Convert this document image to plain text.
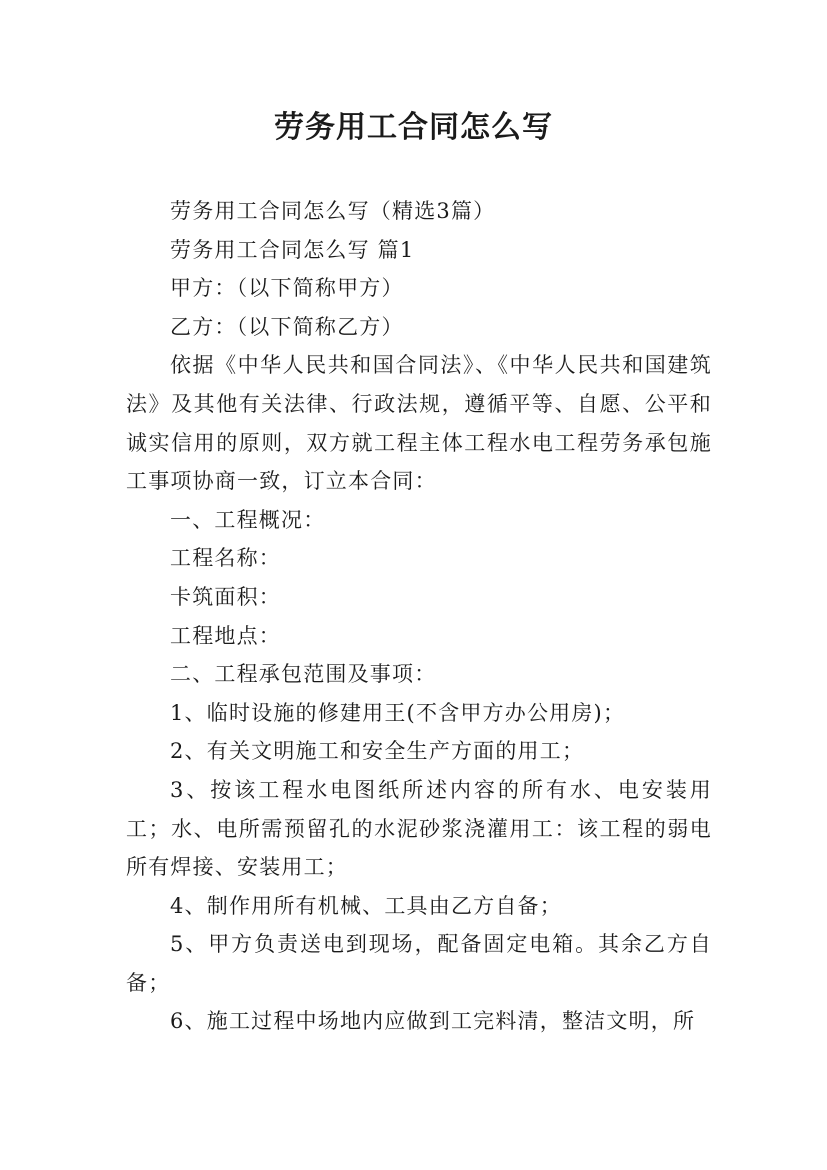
劳务用工合同怎么写

劳务用工合同怎么写（精选3篇）

劳务用工合同怎么写 篇1

甲方：（以下简称甲方）

乙方：（以下简称乙方）

依据《中华人民共和国合同法》、《中华人民共和国建筑法》及其他有关法律、行政法规，遵循平等、自愿、公平和诚实信用的原则，双方就工程主体工程水电工程劳务承包施工事项协商一致，订立本合同：

一、工程概况：

工程名称：

卡筑面积：

工程地点：

二、工程承包范围及事项：

1、临时设施的修建用王(不含甲方办公用房)；

2、有关文明施工和安全生产方面的用工；

3、按该工程水电图纸所述内容的所有水、电安装用工；水、电所需预留孔的水泥砂浆浇灌用工：该工程的弱电所有焊接、安装用工；

4、制作用所有机械、工具由乙方自备；

5、甲方负责送电到现场，配备固定电箱。其余乙方自备；

6、施工过程中场地内应做到工完料清，整洁文明，所
